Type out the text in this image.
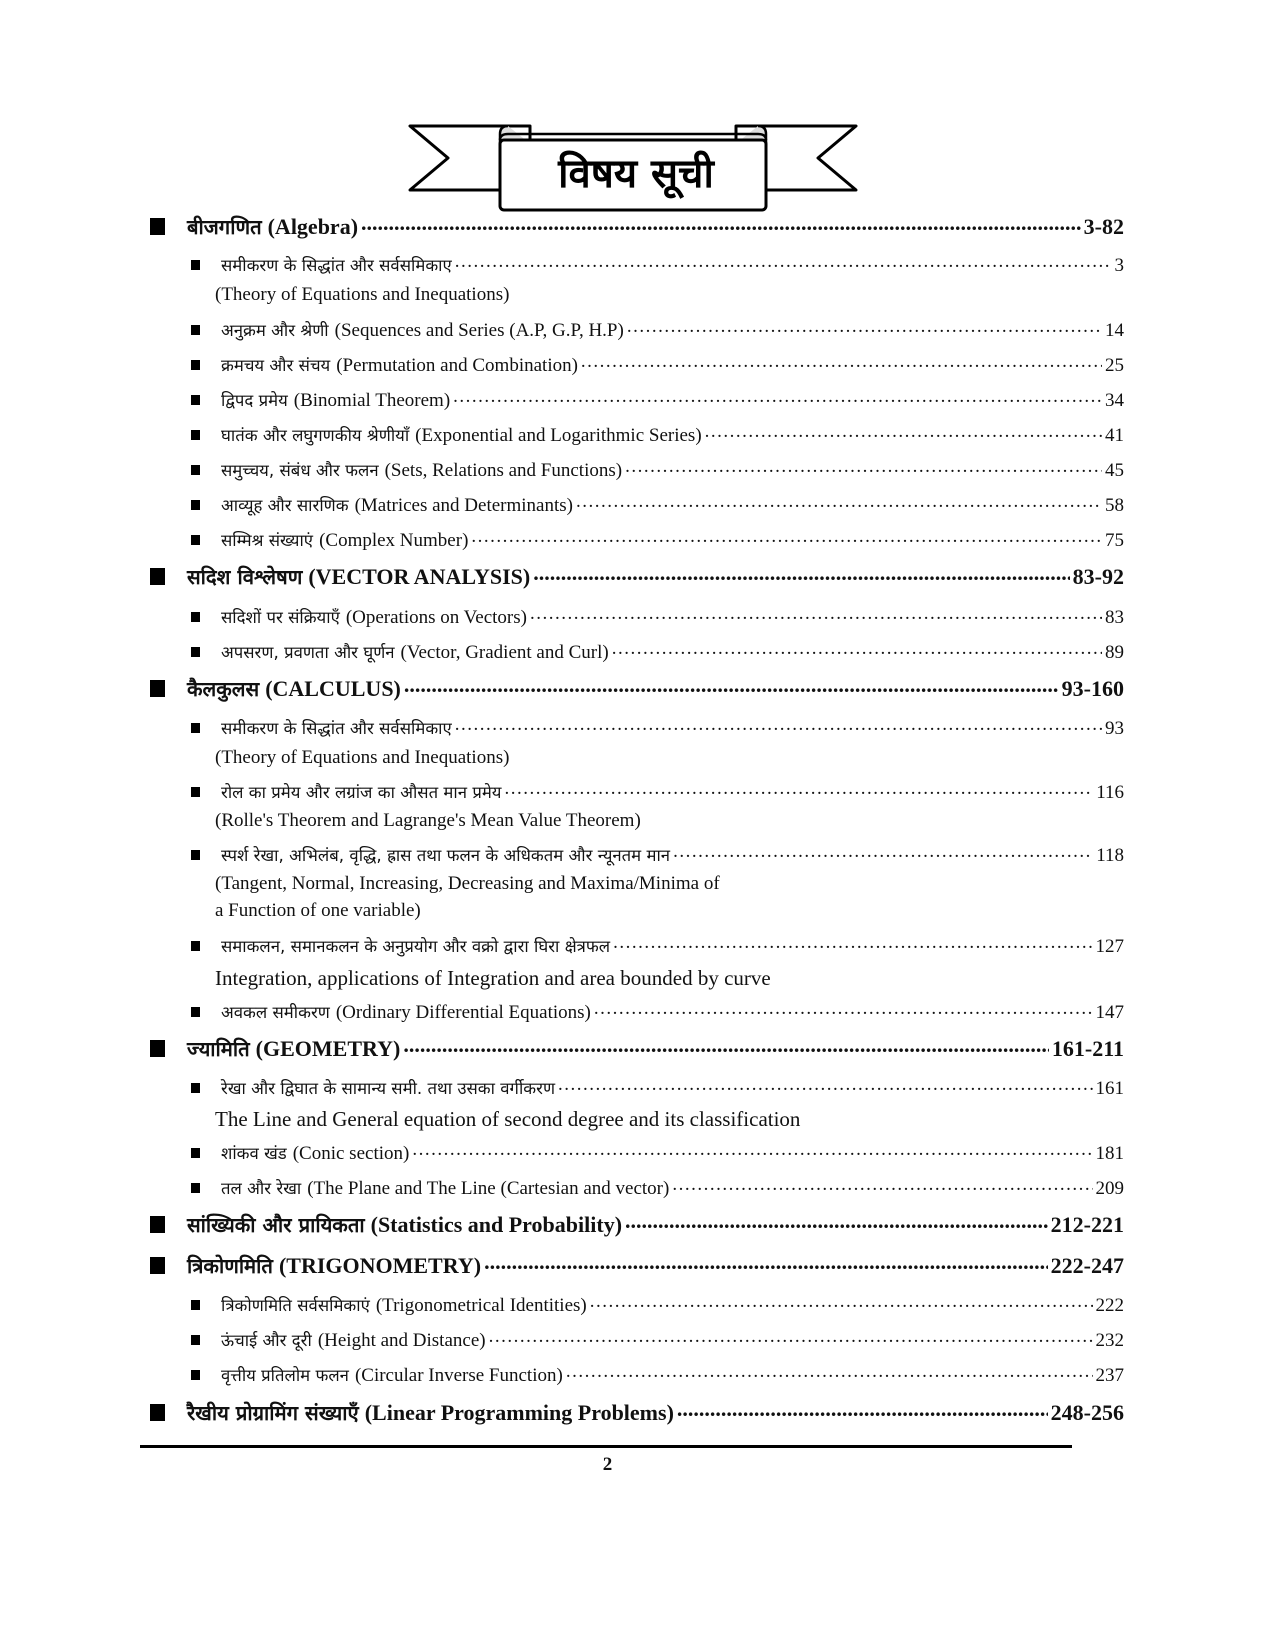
विषय सूची
बीजगणित (Algebra) .....	3-82
समीकरण के सिद्धांत और सर्वसमिकाए .....	3
(Theory of Equations and Inequations)
अनुक्रम और श्रेणी (Sequences and Series (A.P, G.P, H.P) .....	14
क्रमचय और संचय (Permutation and Combination) .....	25
द्विपद प्रमेय (Binomial Theorem) .....	34
घातंक और लघुगणकीय श्रेणीयाँ (Exponential and Logarithmic Series) .....	41
समुच्चय, संबंध और फलन (Sets, Relations and Functions) .....	45
आव्यूह और सारणिक (Matrices and Determinants) .....	58
सम्मिश्र संख्याएं (Complex Number) .....	75
सदिश विश्लेषण (VECTOR ANALYSIS) .....	83-92
सदिशों पर संक्रियाएँ (Operations on Vectors) .....	83
अपसरण, प्रवणता और घूर्णन (Vector, Gradient and Curl) .....	89
कैलकुलस (CALCULUS) .....	93-160
समीकरण के सिद्धांत और सर्वसमिकाए .....	93
(Theory of Equations and Inequations)
रोल का प्रमेय और लग्रांज का औसत मान प्रमेय .....	116
(Rolle's Theorem and Lagrange's Mean Value Theorem)
स्पर्श रेखा, अभिलंब, वृद्धि, ह्रास तथा फलन के अधिकतम और न्यूनतम मान .....	118
(Tangent, Normal, Increasing, Decreasing and Maxima/Minima of
a Function of one variable)
समाकलन, समानकलन के अनुप्रयोग और वक्रो द्वारा घिरा क्षेत्रफल .....	127
Integration, applications of Integration and area bounded by curve
अवकल समीकरण (Ordinary Differential Equations) .....	147
ज्यामिति (GEOMETRY) .....	161-211
रेखा और द्विघात के सामान्य समी. तथा उसका वर्गीकरण .....	161
The Line and General equation of second degree and its classification
शांकव खंड (Conic section) .....	181
तल और रेखा (The Plane and The Line (Cartesian and vector) .....	209
सांख्यिकी और प्रायिकता (Statistics and Probability) .....	212-221
त्रिकोणमिति (TRIGONOMETRY) .....	222-247
त्रिकोणमिति सर्वसमिकाएं (Trigonometrical Identities) .....	222
ऊंचाई और दूरी (Height and Distance) .....	232
वृत्तीय प्रतिलोम फलन (Circular Inverse Function) .....	237
रैखीय प्रोग्रामिंग संख्याएँ (Linear Programming Problems) .....	248-256
2
